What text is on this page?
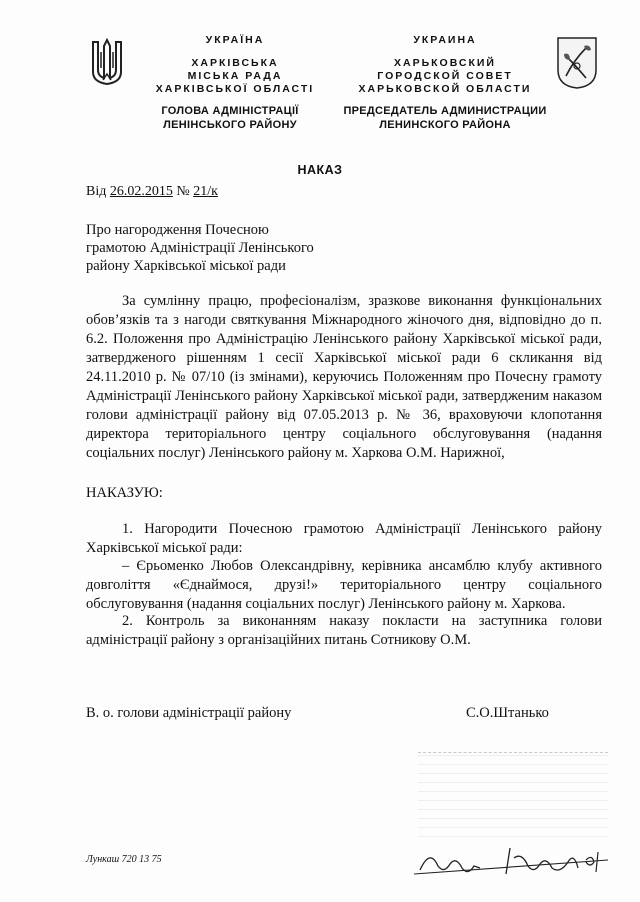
УКРАЇНА
ХАРКІВСЬКА
МІСЬКА РАДА
ХАРКІВСЬКОЇ ОБЛАСТІ
ГОЛОВА АДМІНІСТРАЦІЇ
ЛЕНІНСЬКОГО РАЙОНУ
УКРАИНА
ХАРЬКОВСКИЙ
ГОРОДСКОЙ СОВЕТ
ХАРЬКОВСКОЙ ОБЛАСТИ
ПРЕДСЕДАТЕЛЬ АДМИНИСТРАЦИИ
ЛЕНИНСКОГО РАЙОНА
НАКАЗ
Від 26.02.2015 № 21/к
Про нагородження Почесною
грамотою Адміністрації Ленінського
району Харківської міської ради
За сумлінну працю, професіоналізм, зразкове виконання функціональних обов’язків та з нагоди святкування Міжнародного жіночого дня, відповідно до п. 6.2. Положення про Адміністрацію Ленінського району Харківської міської ради, затвердженого рішенням 1 сесії Харківської міської ради 6 скликання від 24.11.2010 р. № 07/10 (із змінами), керуючись Положенням про Почесну грамоту Адміністрації Ленінського району Харківської міської ради, затвердженим наказом голови адміністрації району від 07.05.2013 р. № 36, враховуючи клопотання директора територіального центру соціального обслуговування (надання соціальних послуг) Ленінського району м. Харкова О.М. Нарижної,
НАКАЗУЮ:
1. Нагородити Почесною грамотою Адміністрації Ленінського району Харківської міської ради:
– Єрьоменко Любов Олександрівну, керівника ансамблю клубу активного довголіття «Єднаймося, друзі!» територіального центру соціального обслуговування (надання соціальних послуг) Ленінського району м. Харкова.
2. Контроль за виконанням наказу покласти на заступника голови адміністрації району з організаційних питань Сотникову О.М.
В. о. голови адміністрації району	С.О.Штанько
Лункаш 720 13 75
